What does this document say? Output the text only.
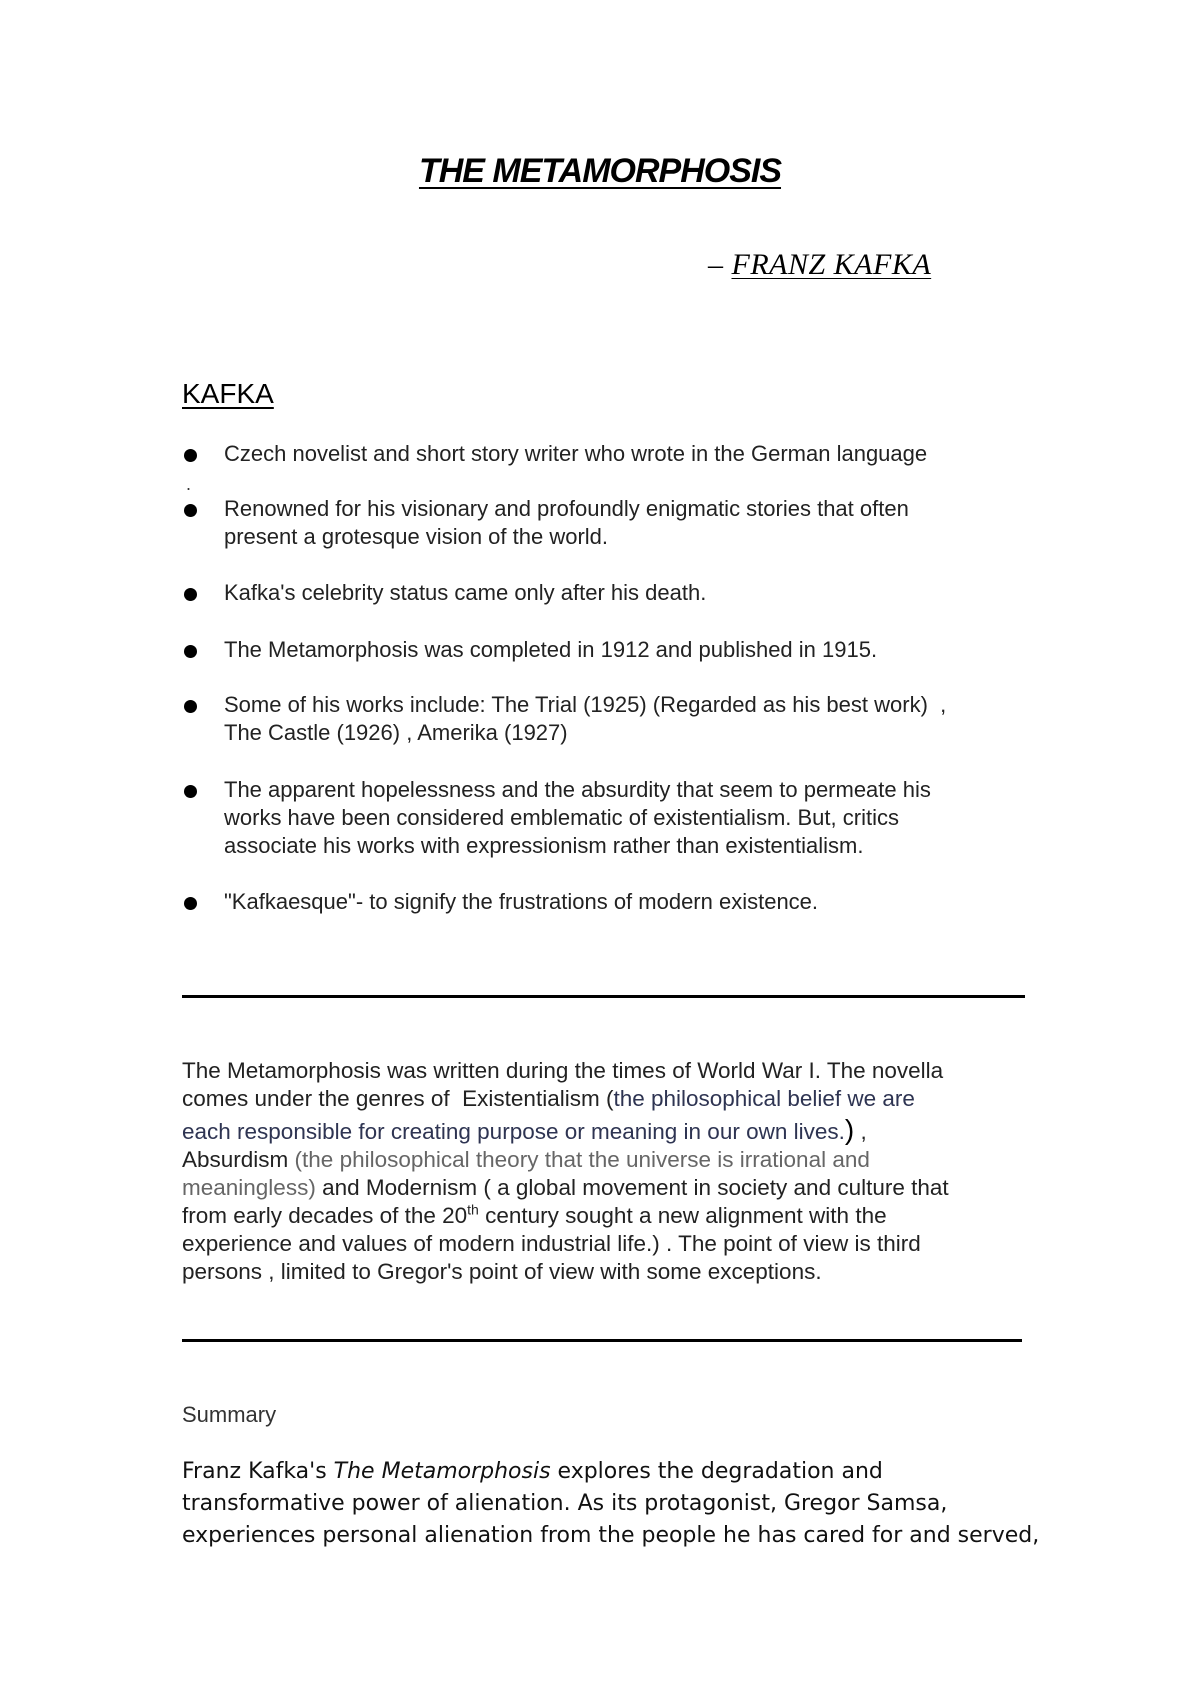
THE METAMORPHOSIS
– FRANZ KAFKA
KAFKA
Czech novelist and short story writer who wrote in the German language
Renowned for his visionary and profoundly enigmatic stories that often
present a grotesque vision of the world.
Kafka's celebrity status came only after his death.
The Metamorphosis was completed in 1912 and published in 1915.
Some of his works include: The Trial (1925) (Regarded as his best work)  ,
The Castle (1926) , Amerika (1927)
The apparent hopelessness and the absurdity that seem to permeate his
works have been considered emblematic of existentialism. But, critics
associate his works with expressionism rather than existentialism.
"Kafkaesque"- to signify the frustrations of modern existence.
.
The Metamorphosis was written during the times of World War I. The novella
comes under the genres of  Existentialism (the philosophical belief we are
each responsible for creating purpose or meaning in our own lives.) ,
Absurdism (the philosophical theory that the universe is irrational and
meaningless) and Modernism ( a global movement in society and culture that
from early decades of the 20th century sought a new alignment with the
experience and values of modern industrial life.) . The point of view is third
persons , limited to Gregor's point of view with some exceptions.
Summary
Franz Kafka's The Metamorphosis explores the degradation and
transformative power of alienation. As its protagonist, Gregor Samsa,
experiences personal alienation from the people he has cared for and served,
